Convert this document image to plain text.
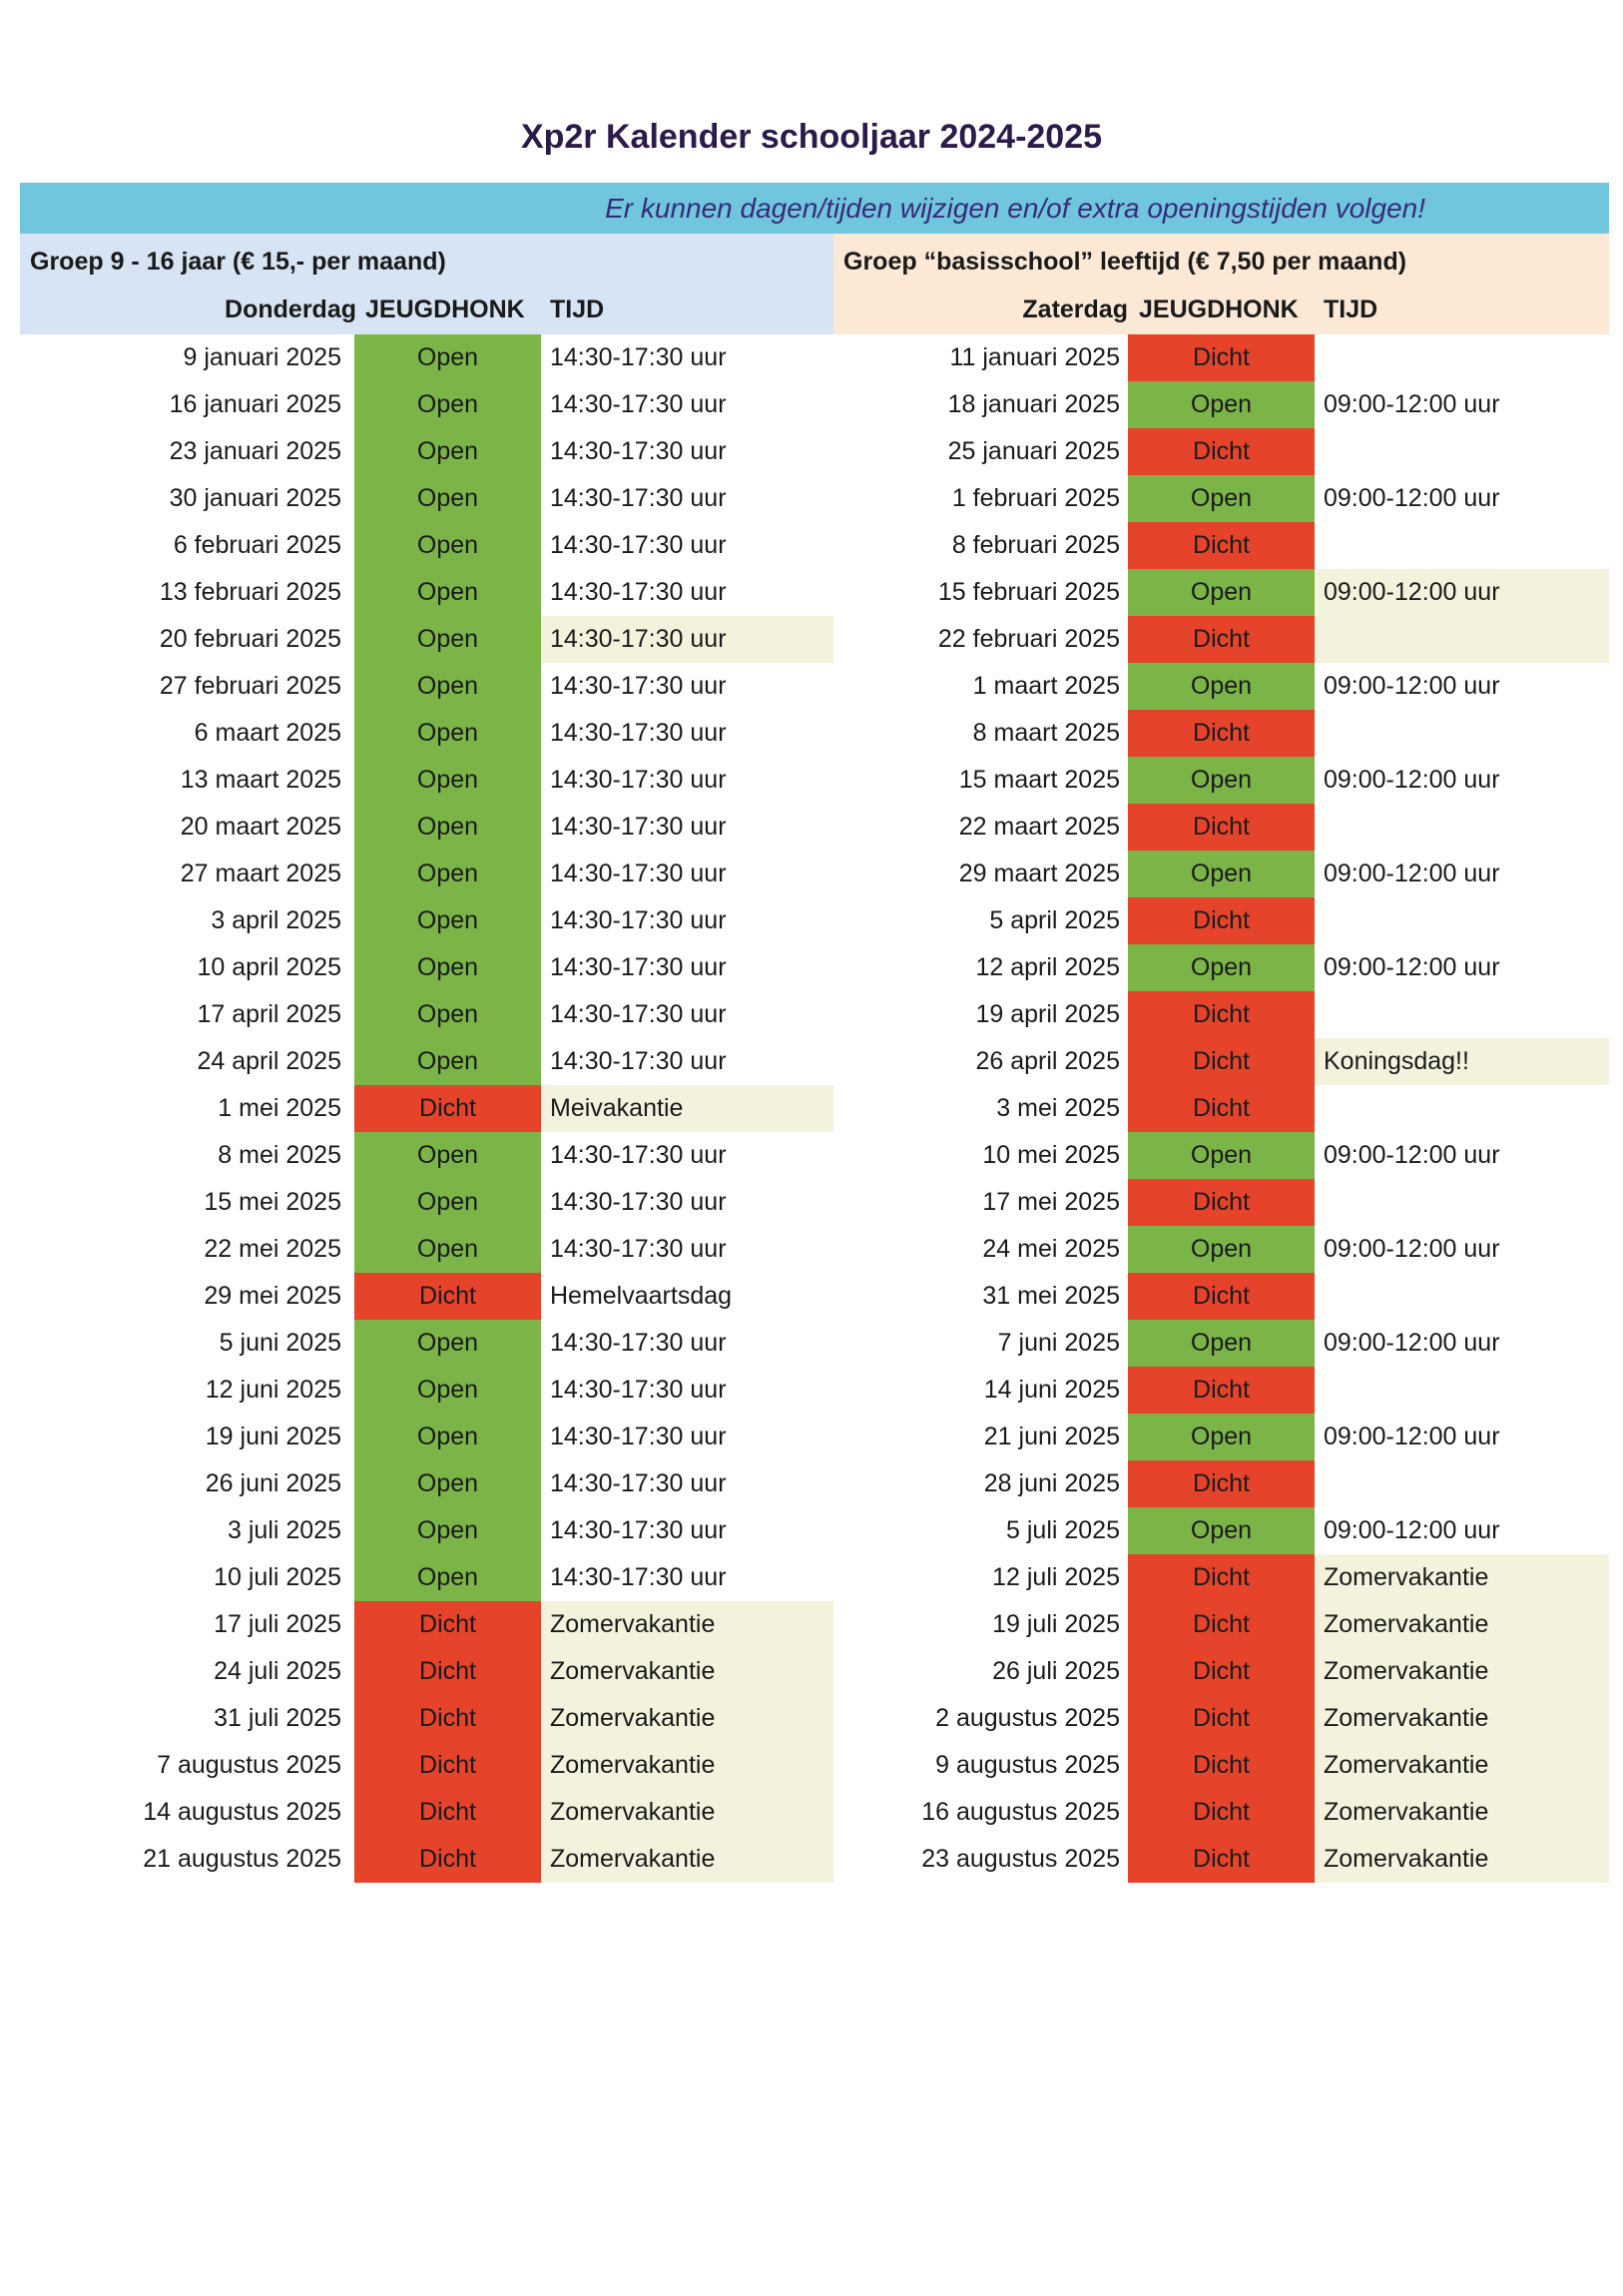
Xp2r Kalender schooljaar 2024-2025
Er kunnen dagen/tijden wijzigen en/of extra openingstijden volgen!
Groep 9 - 16 jaar (€ 15,- per maand)
Donderdag JEUGDHONK TIJD
Groep “basisschool” leeftijd (€ 7,50 per maand)
Zaterdag JEUGDHONK TIJD
9 januari 2025	Open	14:30-17:30 uur
16 januari 2025	Open	14:30-17:30 uur
23 januari 2025	Open	14:30-17:30 uur
30 januari 2025	Open	14:30-17:30 uur
6 februari 2025	Open	14:30-17:30 uur
13 februari 2025	Open	14:30-17:30 uur
20 februari 2025	Open	14:30-17:30 uur
27 februari 2025	Open	14:30-17:30 uur
6 maart 2025	Open	14:30-17:30 uur
13 maart 2025	Open	14:30-17:30 uur
20 maart 2025	Open	14:30-17:30 uur
27 maart 2025	Open	14:30-17:30 uur
3 april 2025	Open	14:30-17:30 uur
10 april 2025	Open	14:30-17:30 uur
17 april 2025	Open	14:30-17:30 uur
24 april 2025	Open	14:30-17:30 uur
1 mei 2025	Dicht	Meivakantie
8 mei 2025	Open	14:30-17:30 uur
15 mei 2025	Open	14:30-17:30 uur
22 mei 2025	Open	14:30-17:30 uur
29 mei 2025	Dicht	Hemelvaartsdag
5 juni 2025	Open	14:30-17:30 uur
12 juni 2025	Open	14:30-17:30 uur
19 juni 2025	Open	14:30-17:30 uur
26 juni 2025	Open	14:30-17:30 uur
3 juli 2025	Open	14:30-17:30 uur
10 juli 2025	Open	14:30-17:30 uur
17 juli 2025	Dicht	Zomervakantie
24 juli 2025	Dicht	Zomervakantie
31 juli 2025	Dicht	Zomervakantie
7 augustus 2025	Dicht	Zomervakantie
14 augustus 2025	Dicht	Zomervakantie
21 augustus 2025	Dicht	Zomervakantie
11 januari 2025	Dicht
18 januari 2025	Open	09:00-12:00 uur
25 januari 2025	Dicht
1 februari 2025	Open	09:00-12:00 uur
8 februari 2025	Dicht
15 februari 2025	Open	09:00-12:00 uur
22 februari 2025	Dicht
1 maart 2025	Open	09:00-12:00 uur
8 maart 2025	Dicht
15 maart 2025	Open	09:00-12:00 uur
22 maart 2025	Dicht
29 maart 2025	Open	09:00-12:00 uur
5 april 2025	Dicht
12 april 2025	Open	09:00-12:00 uur
19 april 2025	Dicht
26 april 2025	Dicht	Koningsdag!!
3 mei 2025	Dicht
10 mei 2025	Open	09:00-12:00 uur
17 mei 2025	Dicht
24 mei 2025	Open	09:00-12:00 uur
31 mei 2025	Dicht
7 juni 2025	Open	09:00-12:00 uur
14 juni 2025	Dicht
21 juni 2025	Open	09:00-12:00 uur
28 juni 2025	Dicht
5 juli 2025	Open	09:00-12:00 uur
12 juli 2025	Dicht	Zomervakantie
19 juli 2025	Dicht	Zomervakantie
26 juli 2025	Dicht	Zomervakantie
2 augustus 2025	Dicht	Zomervakantie
9 augustus 2025	Dicht	Zomervakantie
16 augustus 2025	Dicht	Zomervakantie
23 augustus 2025	Dicht	Zomervakantie
